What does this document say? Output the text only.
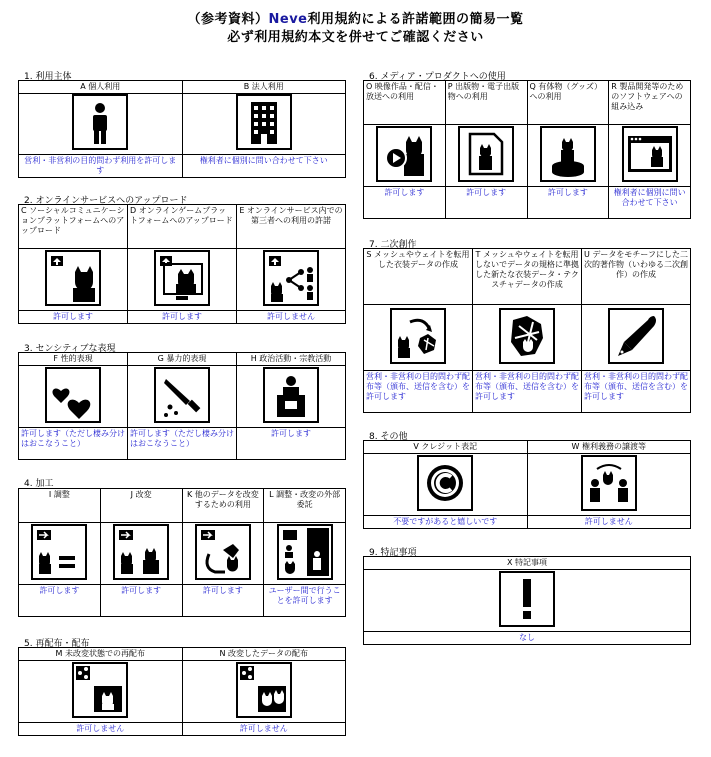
（参考資料）Neve利用規約による許諾範囲の簡易一覧
必ず利用規約本文を併せてご確認ください
1. 利用主体
A 個人利用	B 法人利用

営利・非営利の目的問わず利用を許可します	権利者に個別に問い合わせて下さい
2. オンラインサービスへのアップロード
C ソーシャルコミュニケーションプラットフォームへのアップロード	D オンラインゲームプラットフォームへのアップロード	E オンラインサービス内での第三者への利用の許諾

許可します	許可します	許可しません
3. センシティブな表現
F 性的表現	G 暴力的表現	H 政治活動・宗教活動

許可します（ただし棲み分けはおこなうこと）	許可します（ただし棲み分けはおこなうこと）	許可します
4. 加工
I 調整	J 改変	K 他のデータを改変するための利用	L 調整・改変の外部委託

許可します	許可します	許可します	ユーザー間で行うことを許可します
5. 再配布・配布
M 未改変状態での再配布	N 改変したデータの配布

許可しません	許可しません
6. メディア・プロダクトへの使用
O 映像作品・配信・放送への利用	P 出版物・電子出版物への利用	Q 有体物（グッズ）への利用	R 製品開発等のためのソフトウェアへの組み込み

許可します	許可します	許可します	権利者に個別に問い合わせて下さい
7. 二次創作
S メッシュやウェイトを転用した衣装データの作成	T メッシュやウェイトを転用しないでデータの規格に準拠した新たな衣装データ・テクスチャデータの作成	U データをモチーフにした二次的著作物（いわゆる二次創作）の作成

営利・非営利の目的問わず配布等（頒布、送信を含む）を許可します	営利・非営利の目的問わず配布等（頒布、送信を含む）を許可します	営利・非営利の目的問わず配布等（頒布、送信を含む）を許可します
8. その他
V クレジット表記	W 権利義務の譲渡等

不要ですがあると嬉しいです	許可しません
9. 特記事項
X 特記事項

なし
